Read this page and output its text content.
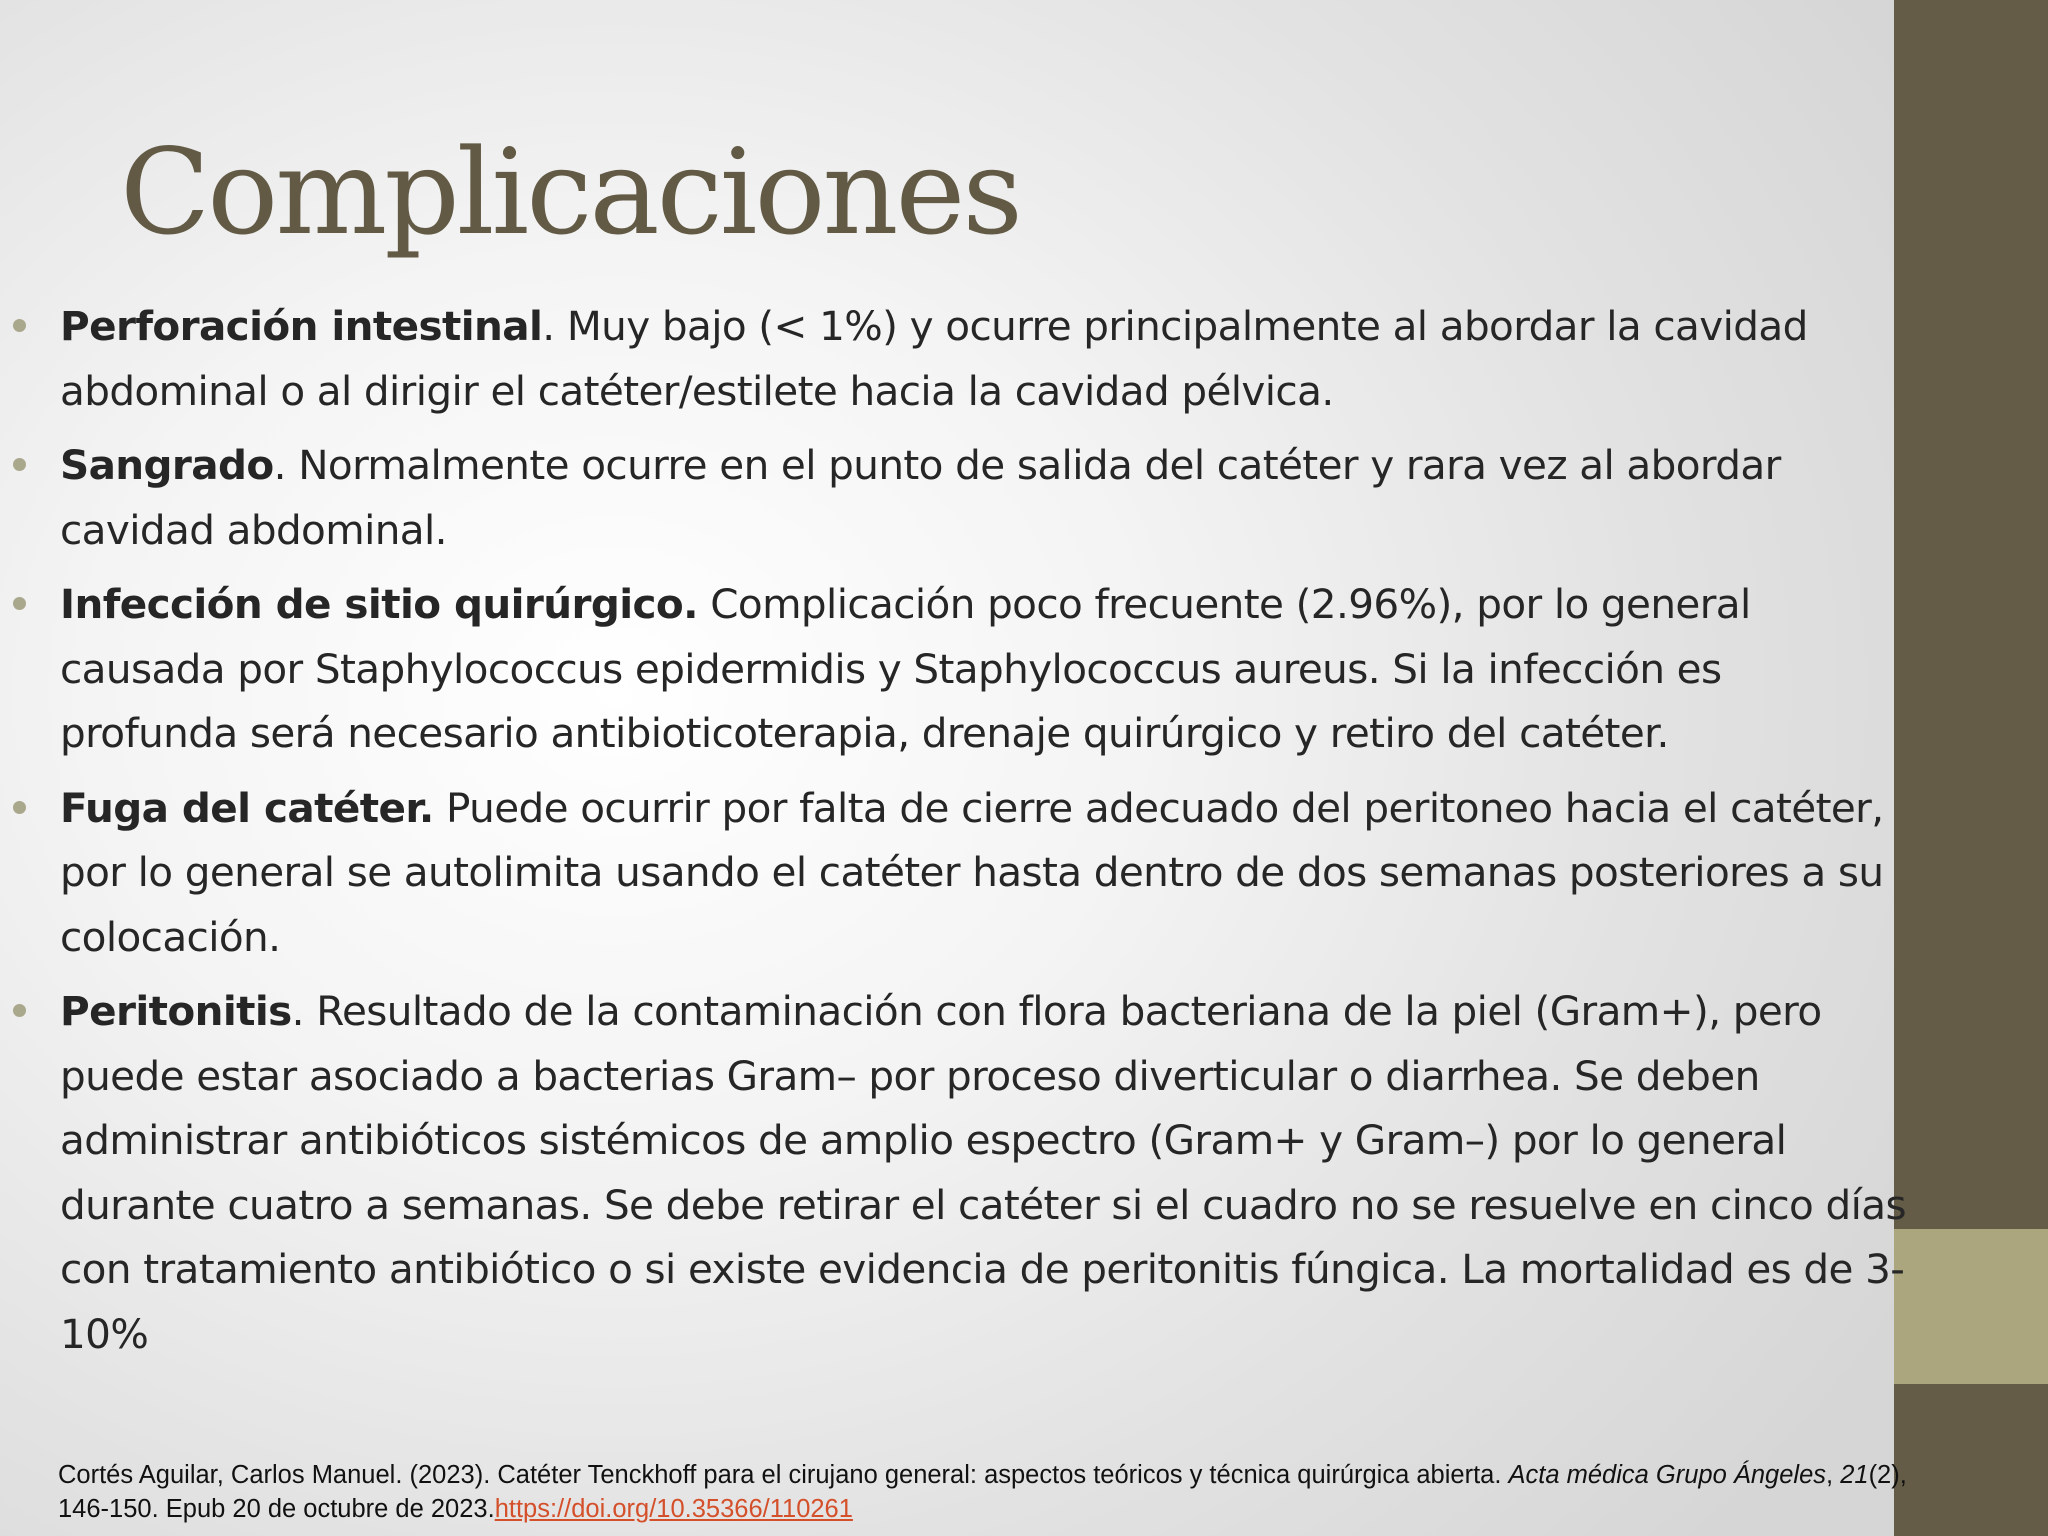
Complicaciones
Perforación intestinal. Muy bajo (< 1%) y ocurre principalmente al abordar la cavidad abdominal o al dirigir el catéter/estilete hacia la cavidad pélvica.
Sangrado. Normalmente ocurre en el punto de salida del catéter y rara vez al abordar cavidad abdominal.
Infección de sitio quirúrgico. Complicación poco frecuente (2.96%), por lo general causada por Staphylococcus epidermidis y Staphylococcus aureus. Si la infección es profunda será necesario antibioticoterapia, drenaje quirúrgico y retiro del catéter.
Fuga del catéter. Puede ocurrir por falta de cierre adecuado del peritoneo hacia el catéter, por lo general se autolimita usando el catéter hasta dentro de dos semanas posteriores a su colocación.
Peritonitis. Resultado de la contaminación con flora bacteriana de la piel (Gram+), pero puede estar asociado a bacterias Gram– por proceso diverticular o diarrhea. Se deben administrar antibióticos sistémicos de amplio espectro (Gram+ y Gram–) por lo general durante cuatro a semanas. Se debe retirar el catéter si el cuadro no se resuelve en cinco días con tratamiento antibiótico o si existe evidencia de peritonitis fúngica. La mortalidad es de 3-10%

Cortés Aguilar, Carlos Manuel. (2023). Catéter Tenckhoff para el cirujano general: aspectos teóricos y técnica quirúrgica abierta. Acta médica Grupo Ángeles, 21(2), 146-150. Epub 20 de octubre de 2023.https://doi.org/10.35366/110261
